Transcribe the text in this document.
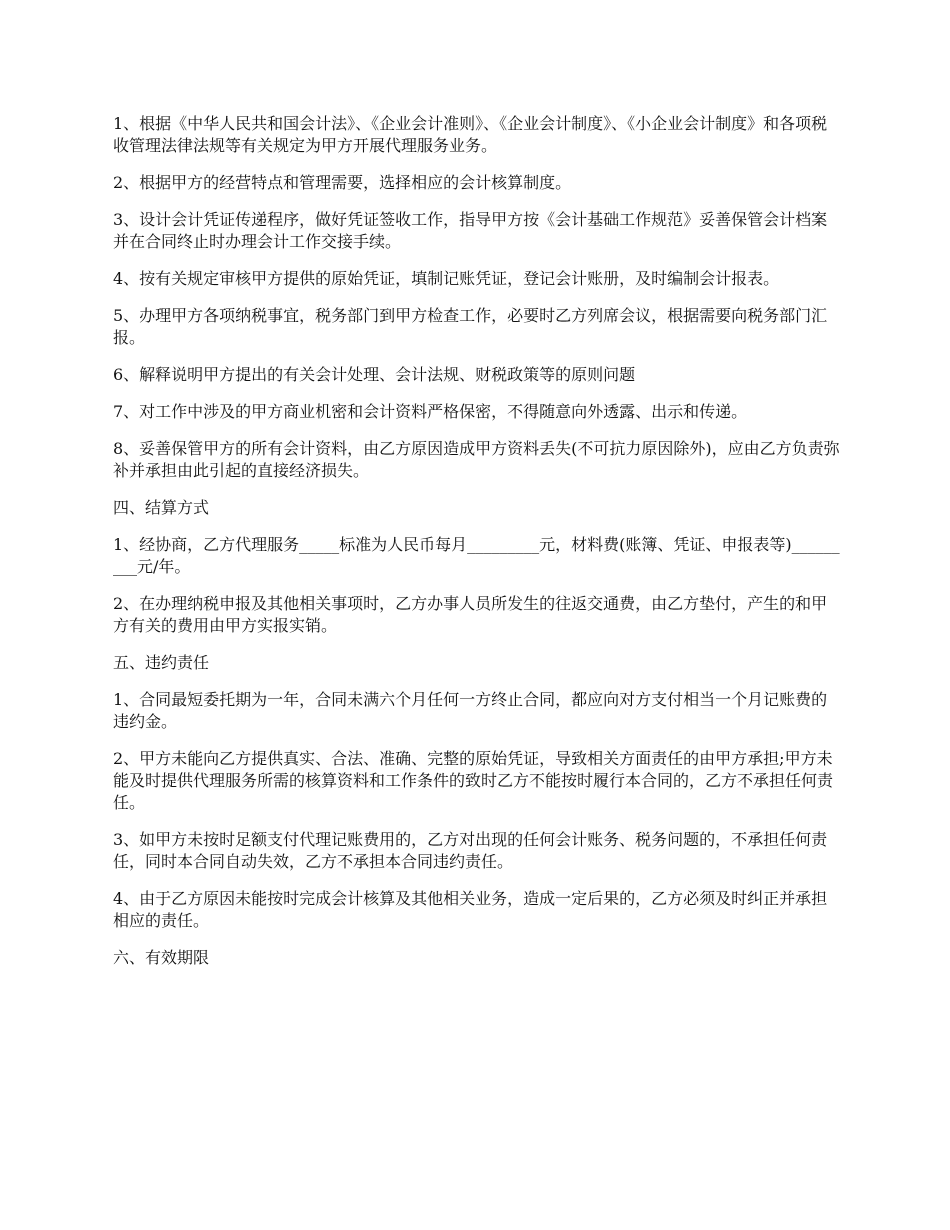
1、根据《中华人民共和国会计法》、《企业会计准则》、《企业会计制度》、《小企业会计制度》和各项税收管理法律法规等有关规定为甲方开展代理服务业务。

2、根据甲方的经营特点和管理需要，选择相应的会计核算制度。

3、设计会计凭证传递程序，做好凭证签收工作，指导甲方按《会计基础工作规范》妥善保管会计档案并在合同终止时办理会计工作交接手续。

4、按有关规定审核甲方提供的原始凭证，填制记账凭证，登记会计账册，及时编制会计报表。

5、办理甲方各项纳税事宜，税务部门到甲方检查工作，必要时乙方列席会议，根据需要向税务部门汇报。

6、解释说明甲方提出的有关会计处理、会计法规、财税政策等的原则问题

7、对工作中涉及的甲方商业机密和会计资料严格保密，不得随意向外透露、出示和传递。

8、妥善保管甲方的所有会计资料，由乙方原因造成甲方资料丢失(不可抗力原因除外)，应由乙方负责弥补并承担由此引起的直接经济损失。

四、结算方式

1、经协商，乙方代理服务_____标准为人民币每月_________元，材料费(账簿、凭证、申报表等)_________元/年。

2、在办理纳税申报及其他相关事项时，乙方办事人员所发生的往返交通费，由乙方垫付，产生的和甲方有关的费用由甲方实报实销。

五、违约责任

1、合同最短委托期为一年，合同未满六个月任何一方终止合同，都应向对方支付相当一个月记账费的违约金。

2、甲方未能向乙方提供真实、合法、准确、完整的原始凭证，导致相关方面责任的由甲方承担;甲方未能及时提供代理服务所需的核算资料和工作条件的致时乙方不能按时履行本合同的，乙方不承担任何责任。

3、如甲方未按时足额支付代理记账费用的，乙方对出现的任何会计账务、税务问题的，不承担任何责任，同时本合同自动失效，乙方不承担本合同违约责任。

4、由于乙方原因未能按时完成会计核算及其他相关业务，造成一定后果的，乙方必须及时纠正并承担相应的责任。

六、有效期限
